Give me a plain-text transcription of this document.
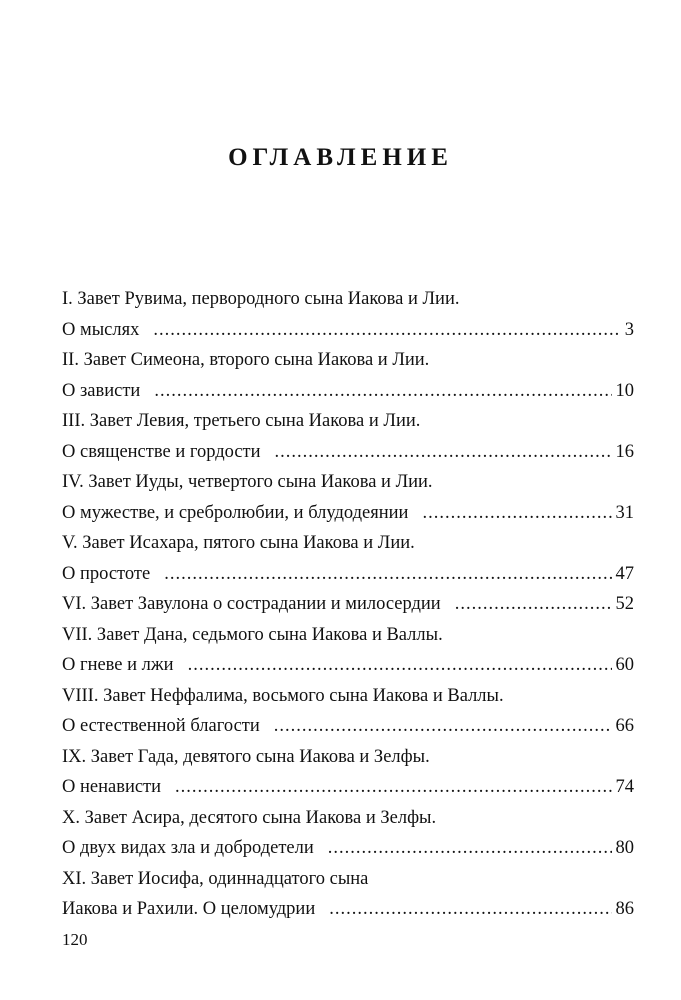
ОГЛАВЛЕНИЕ
I. Завет Рувима, первородного сына Иакова и Лии.
О мыслях .....	3
II. Завет Симеона, второго сына Иакова и Лии.
О зависти .....	10
III. Завет Левия, третьего сына Иакова и Лии.
О священстве и гордости .....	16
IV. Завет Иуды, четвертого сына Иакова и Лии.
О мужестве, и сребролюбии, и блудодеянии .....	31
V. Завет Исахара, пятого сына Иакова и Лии.
О простоте .....	47
VI. Завет Завулона о сострадании и милосердии .....	52
VII. Завет Дана, седьмого сына Иакова и Валлы.
О гневе и лжи .....	60
VIII. Завет Неффалима, восьмого сына Иакова и Валлы.
О естественной благости .....	66
IX. Завет Гада, девятого сына Иакова и Зелфы.
О ненависти .....	74
X. Завет Асира, десятого сына Иакова и Зелфы.
О двух видах зла и добродетели .....	80
XI. Завет Иосифа, одиннадцатого сына
Иакова и Рахили. О целомудрии .....	86
120
